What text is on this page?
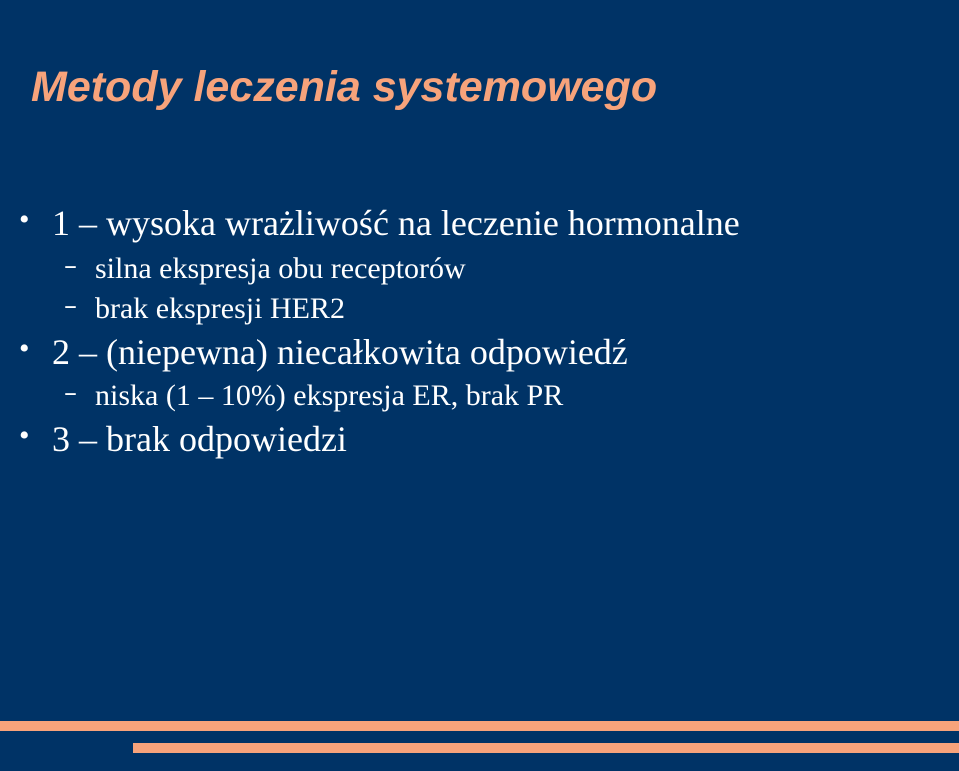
Metody leczenia systemowego
• 1 – wysoka wrażliwość na leczenie hormonalne
– silna ekspresja obu receptorów
– brak ekspresji HER2
• 2 – (niepewna) niecałkowita odpowiedź
– niska (1 – 10%) ekspresja ER, brak PR
• 3 – brak odpowiedzi
